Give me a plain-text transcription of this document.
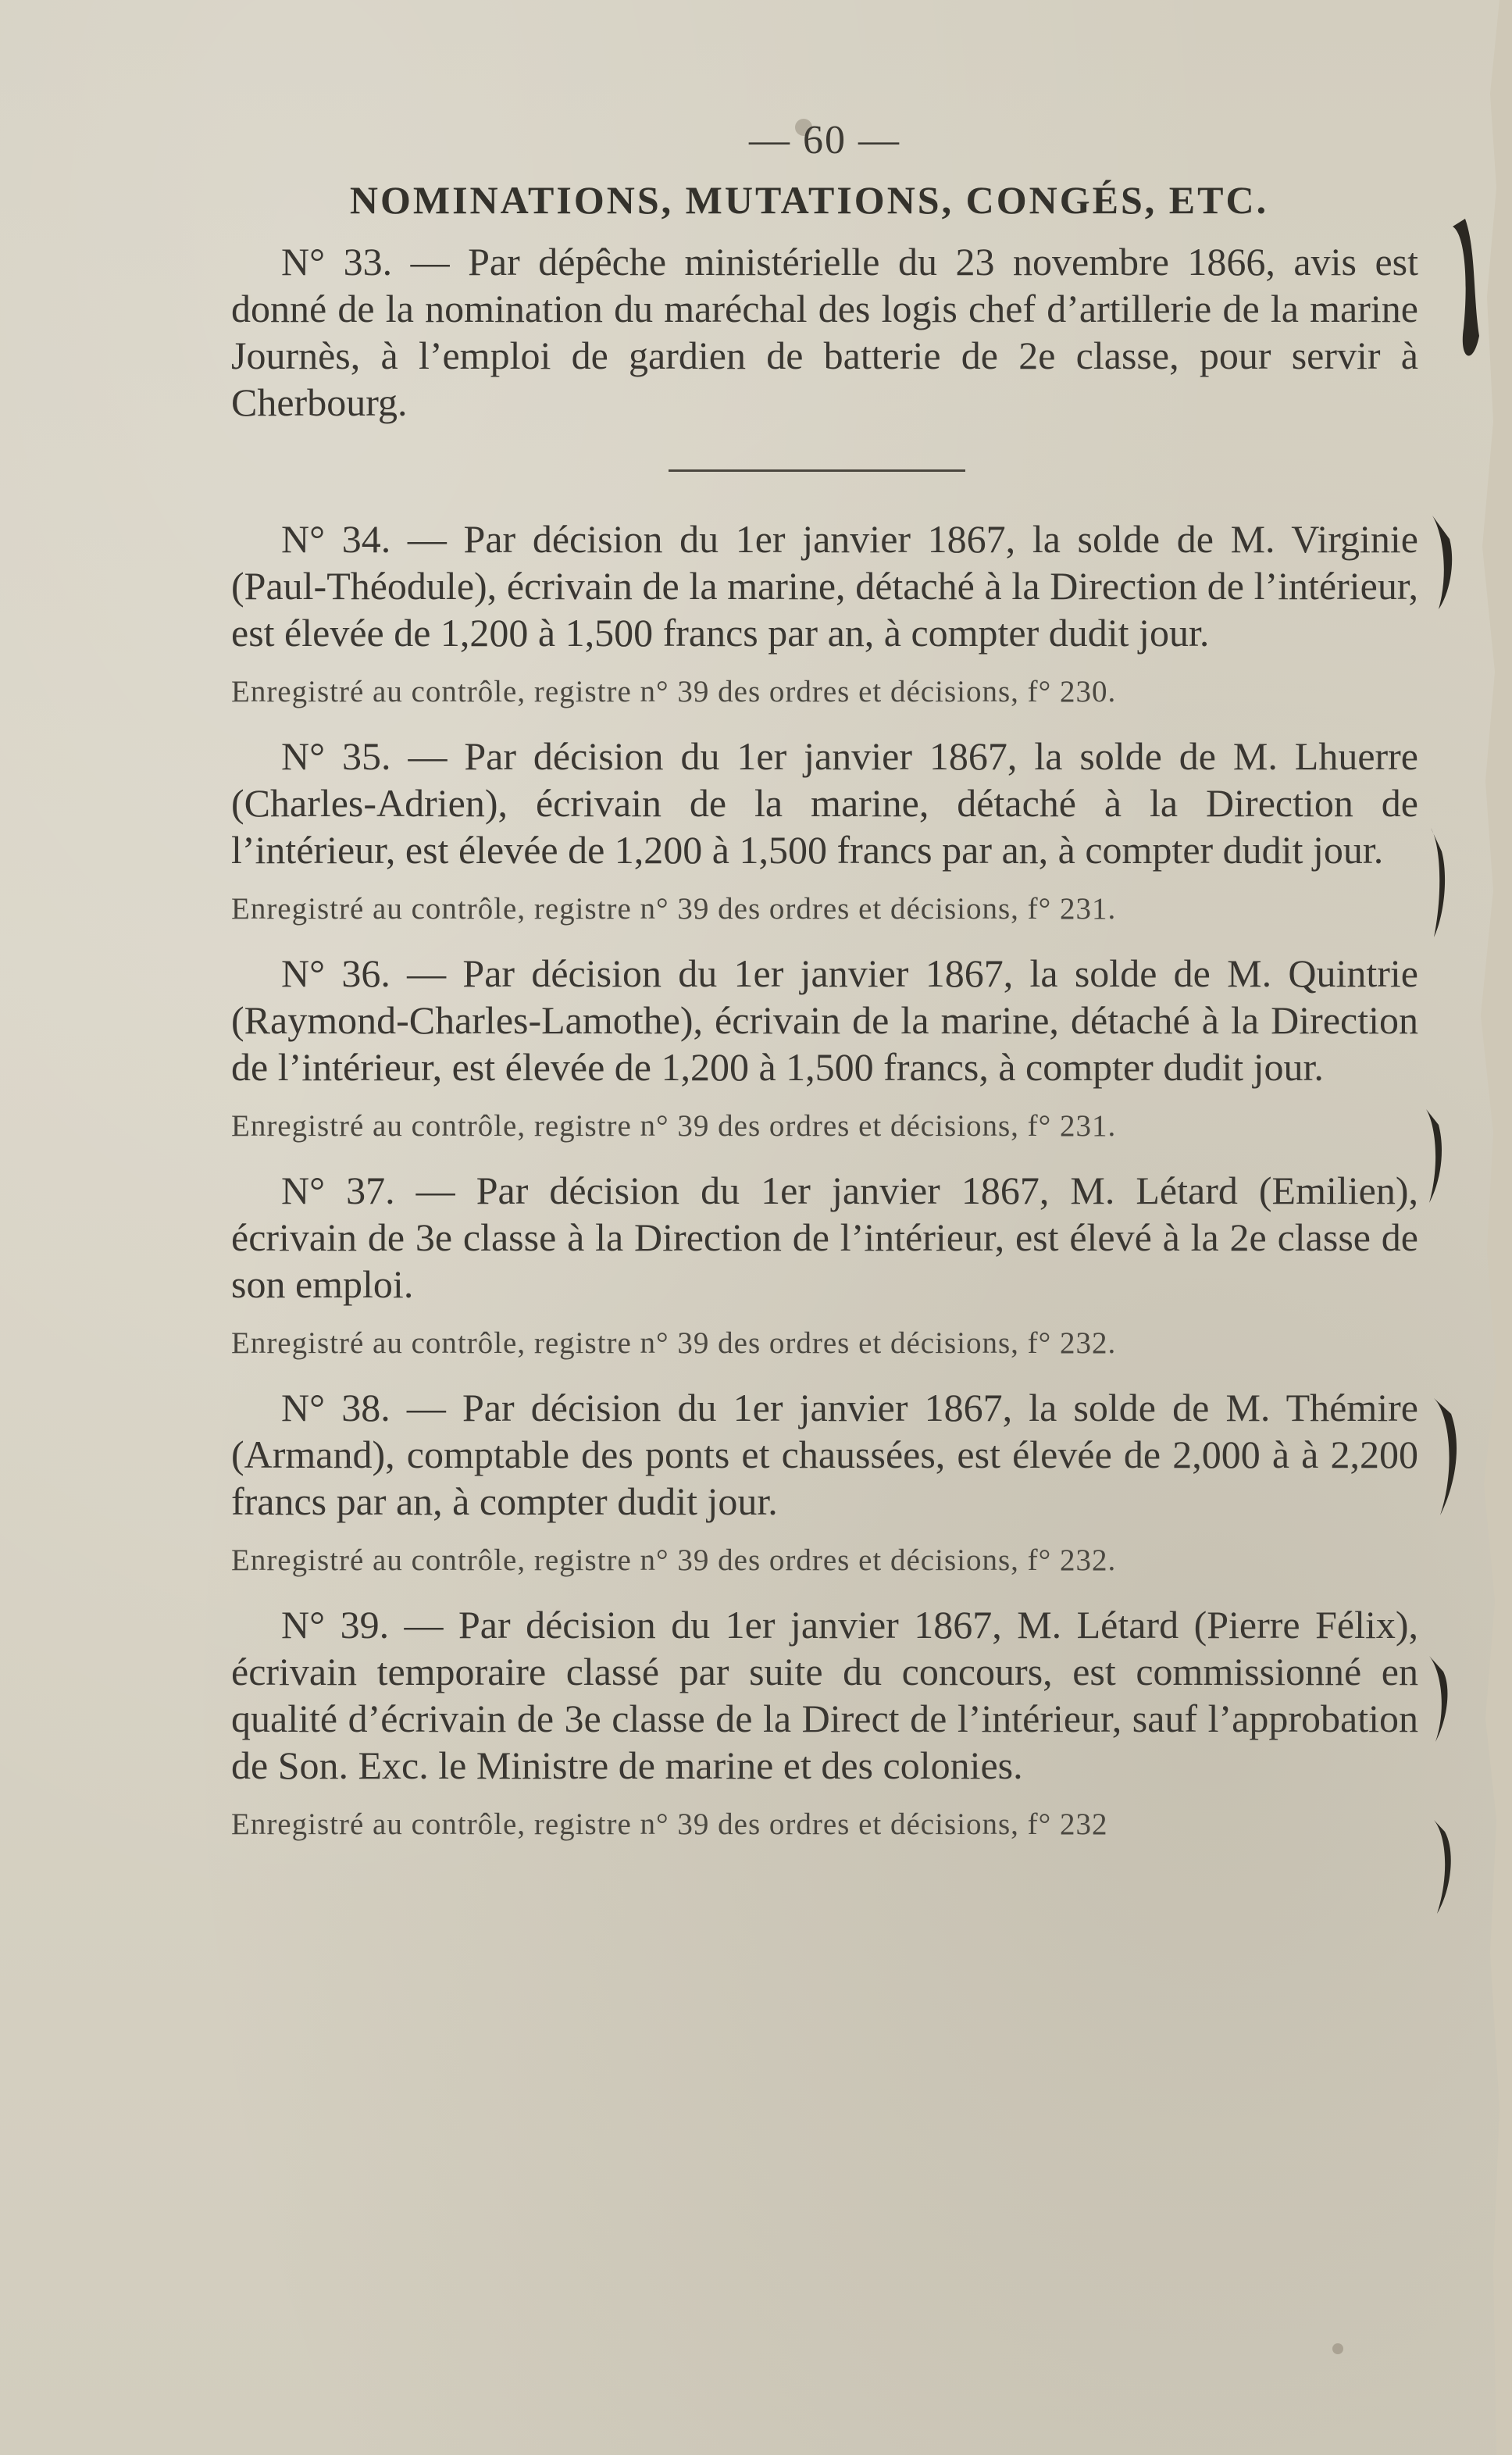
— 60 —
NOMINATIONS, MUTATIONS, CONGÉS, ETC.
N° 33. — Par dépêche ministérielle du 23 novembre 1866, avis est donné de la nomination du maréchal des logis chef d’artillerie de la marine Journès, à l’emploi de gardien de batterie de 2e classe, pour servir à Cherbourg.
N° 34. — Par décision du 1er janvier 1867, la solde de M. Virginie (Paul-Théodule), écrivain de la marine, détaché à la Direction de l’intérieur, est élevée de 1,200 à 1,500 francs par an, à compter dudit jour.
Enregistré au contrôle, registre n° 39 des ordres et décisions, f° 230.
N° 35. — Par décision du 1er janvier 1867, la solde de M. Lhuerre (Charles-Adrien), écrivain de la marine, détaché à la Direction de l’intérieur, est élevée de 1,200 à 1,500 francs par an, à compter dudit jour.
Enregistré au contrôle, registre n° 39 des ordres et décisions, f° 231.
N° 36. — Par décision du 1er janvier 1867, la solde de M. Quintrie (Raymond-Charles-Lamothe), écrivain de la marine, détaché à la Direction de l’intérieur, est élevée de 1,200 à 1,500 francs, à compter dudit jour.
Enregistré au contrôle, registre n° 39 des ordres et décisions, f° 231.
N° 37. — Par décision du 1er janvier 1867, M. Létard (Emilien), écrivain de 3e classe à la Direction de l’intérieur, est élevé à la 2e classe de son emploi.
Enregistré au contrôle, registre n° 39 des ordres et décisions, f° 232.
N° 38. — Par décision du 1er janvier 1867, la solde de M. Thémire (Armand), comptable des ponts et chaussées, est élevée de 2,000 à à 2,200 francs par an, à compter dudit jour.
Enregistré au contrôle, registre n° 39 des ordres et décisions, f° 232.
N° 39. — Par décision du 1er janvier 1867, M. Létard (Pierre Félix), écrivain temporaire classé par suite du concours, est commissionné en qualité d’écrivain de 3e classe de la Direct de l’intérieur, sauf l’approbation de Son. Exc. le Ministre de marine et des colonies.
Enregistré au contrôle, registre n° 39 des ordres et décisions, f° 232
